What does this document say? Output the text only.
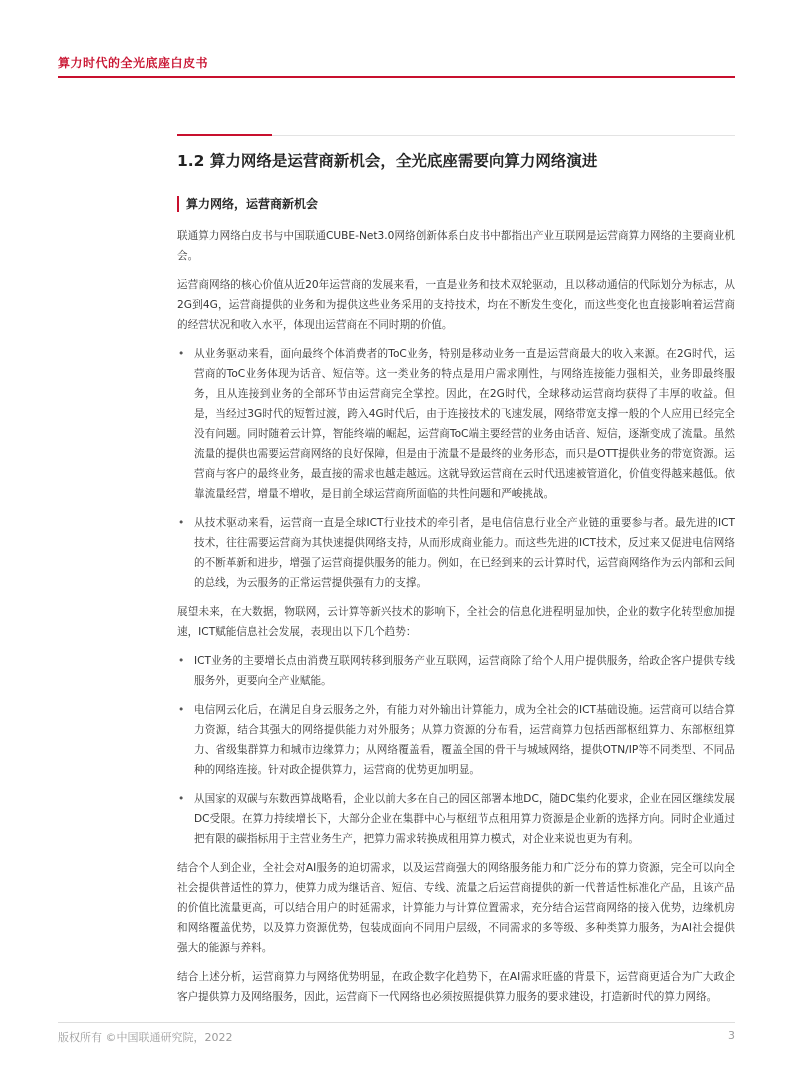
算力时代的全光底座白皮书
1.2 算力网络是运营商新机会，全光底座需要向算力网络演进
算力网络，运营商新机会

联通算力网络白皮书与中国联通CUBE-Net3.0网络创新体系白皮书中都指出产业互联网是运营商算力网络的主要商业机会。

运营商网络的核心价值从近20年运营商的发展来看，一直是业务和技术双轮驱动，且以移动通信的代际划分为标志，从2G到4G，运营商提供的业务和为提供这些业务采用的支持技术，均在不断发生变化，而这些变化也直接影响着运营商的经营状况和收入水平，体现出运营商在不同时期的价值。

• 从业务驱动来看，面向最终个体消费者的ToC业务，特别是移动业务一直是运营商最大的收入来源。在2G时代，运营商的ToC业务体现为话音、短信等。这一类业务的特点是用户需求刚性，与网络连接能力强相关，业务即最终服务，且从连接到业务的全部环节由运营商完全掌控。因此，在2G时代，全球移动运营商均获得了丰厚的收益。但是，当经过3G时代的短暂过渡，跨入4G时代后，由于连接技术的飞速发展，网络带宽支撑一般的个人应用已经完全没有问题。同时随着云计算，智能终端的崛起，运营商ToC端主要经营的业务由话音、短信，逐渐变成了流量。虽然流量的提供也需要运营商网络的良好保障，但是由于流量不是最终的业务形态，而只是OTT提供业务的带宽资源。运营商与客户的最终业务，最直接的需求也越走越远。这就导致运营商在云时代迅速被管道化，价值变得越来越低。依靠流量经营，增量不增收，是目前全球运营商所面临的共性问题和严峻挑战。
• 从技术驱动来看，运营商一直是全球ICT行业技术的牵引者，是电信信息行业全产业链的重要参与者。最先进的ICT技术，往往需要运营商为其快速提供网络支持，从而形成商业能力。而这些先进的ICT技术，反过来又促进电信网络的不断革新和进步，增强了运营商提供服务的能力。例如，在已经到来的云计算时代，运营商网络作为云内部和云间的总线，为云服务的正常运营提供强有力的支撑。

展望未来，在大数据，物联网，云计算等新兴技术的影响下，全社会的信息化进程明显加快，企业的数字化转型愈加提速，ICT赋能信息社会发展，表现出以下几个趋势：

• ICT业务的主要增长点由消费互联网转移到服务产业互联网，运营商除了给个人用户提供服务，给政企客户提供专线服务外，更要向全产业赋能。
• 电信网云化后，在满足自身云服务之外，有能力对外输出计算能力，成为全社会的ICT基础设施。运营商可以结合算力资源，结合其强大的网络提供能力对外服务；从算力资源的分布看，运营商算力包括西部枢纽算力、东部枢纽算力、省级集群算力和城市边缘算力；从网络覆盖看，覆盖全国的骨干与城域网络，提供OTN/IP等不同类型、不同品种的网络连接。针对政企提供算力，运营商的优势更加明显。
• 从国家的双碳与东数西算战略看，企业以前大多在自己的园区部署本地DC，随DC集约化要求，企业在园区继续发展DC受限。在算力持续增长下，大部分企业在集群中心与枢纽节点租用算力资源是企业新的选择方向。同时企业通过把有限的碳指标用于主营业务生产，把算力需求转换成租用算力模式，对企业来说也更为有利。

结合个人到企业，全社会对AI服务的迫切需求，以及运营商强大的网络服务能力和广泛分布的算力资源，完全可以向全社会提供普适性的算力，使算力成为继话音、短信、专线、流量之后运营商提供的新一代普适性标准化产品，且该产品的价值比流量更高，可以结合用户的时延需求，计算能力与计算位置需求，充分结合运营商网络的接入优势，边缘机房和网络覆盖优势，以及算力资源优势，包装成面向不同用户层级，不同需求的多等级、多种类算力服务，为AI社会提供强大的能源与养料。

结合上述分析，运营商算力与网络优势明显，在政企数字化趋势下，在AI需求旺盛的背景下，运营商更适合为广大政企客户提供算力及网络服务，因此，运营商下一代网络也必须按照提供算力服务的要求建设，打造新时代的算力网络。

版权所有 ©中国联通研究院，2022	3
